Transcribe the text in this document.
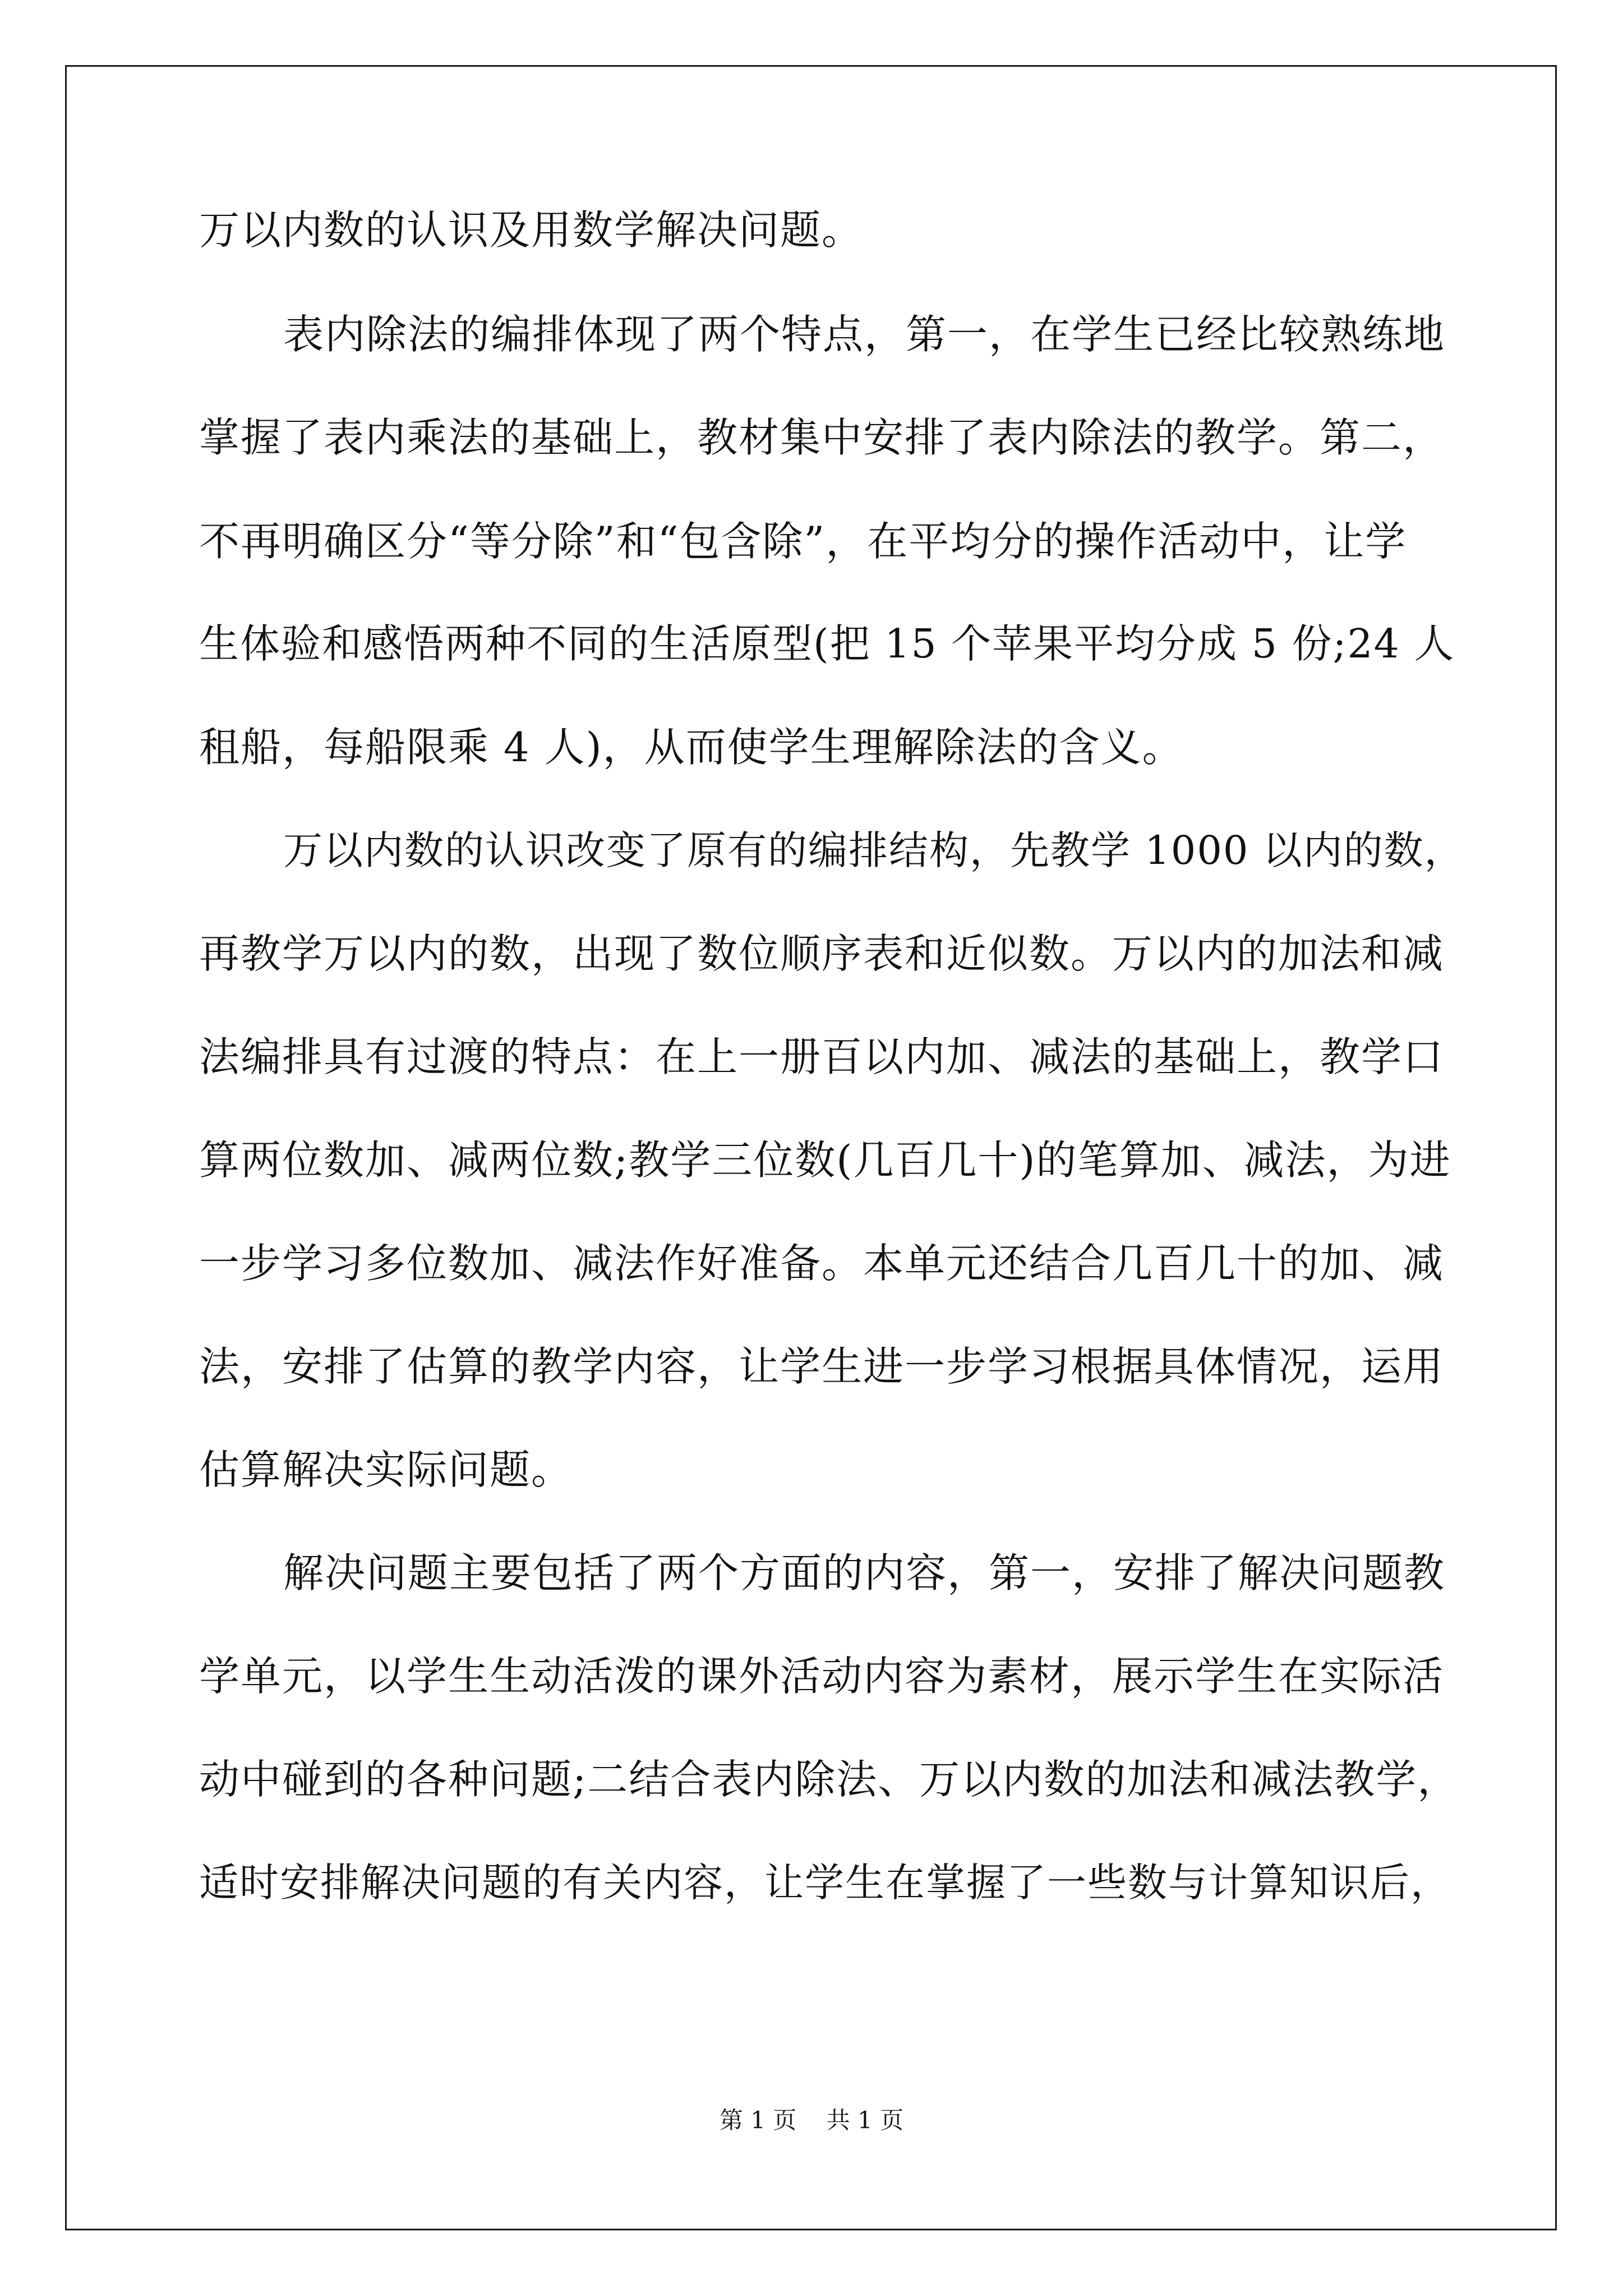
万以内数的认识及用数学解决问题。
表内除法的编排体现了两个特点，第一，在学生已经比较熟练地
掌握了表内乘法的基础上，教材集中安排了表内除法的教学。第二，
不再明确区分“等分除”和“包含除”，在平均分的操作活动中，让学
生体验和感悟两种不同的生活原型(把 15 个苹果平均分成 5 份;24 人
租船，每船限乘 4 人)，从而使学生理解除法的含义。
万以内数的认识改变了原有的编排结构，先教学 1000 以内的数，
再教学万以内的数，出现了数位顺序表和近似数。万以内的加法和减
法编排具有过渡的特点：在上一册百以内加、减法的基础上，教学口
算两位数加、减两位数;教学三位数(几百几十)的笔算加、减法，为进
一步学习多位数加、减法作好准备。本单元还结合几百几十的加、减
法，安排了估算的教学内容，让学生进一步学习根据具体情况，运用
估算解决实际问题。
解决问题主要包括了两个方面的内容，第一，安排了解决问题教
学单元，以学生生动活泼的课外活动内容为素材，展示学生在实际活
动中碰到的各种问题;二结合表内除法、万以内数的加法和减法教学，
适时安排解决问题的有关内容，让学生在掌握了一些数与计算知识后，
第 1 页 共 1 页
